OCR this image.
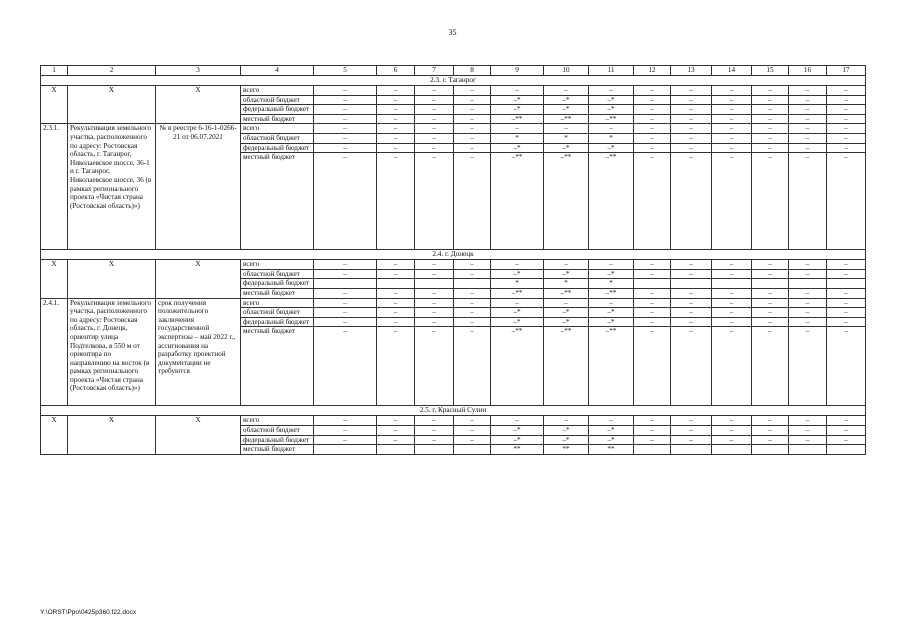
35
1	2	3	4	5	6	7	8	9	10	11	12	13	14	15	16	17
2.3. г. Таганрог																
X	X	X	всего	–	–	–	–	–	–	–	–	–	–	–	–	–
			областной бюджет	–	–	–	–	–*	–*	–*	–	–	–	–	–	–
			федеральный бюджет	–	–	–	–	–*	–*	–*	–	–	–	–	–	–
			местный бюджет	–	–	–	–	–**	–**	–**	–	–	–	–	–	–
2.3.1.	Рекультивация земельного участка, расположенного по адресу: Ростовская область, г. Таганрог, Николаевское шоссе, 36-1 и г. Таганрог, Николаевское шоссе, 36 (в рамках регионального проекта «Чистая страна (Ростовская область)»)	№ в реестре 6-16-1-0266-21 от 06.07.2021	всего	–	–	–	–	–	–	–	–	–	–	–	–	–
			областной бюджет	–	–	–	–	*	*	*	–	–	–	–	–	–
			федеральный бюджет	–	–	–	–	–*	–*	–*	–	–	–	–	–	–
			местный бюджет	–	–	–	–	–**	–**	–**	–	–	–	–	–	–
2.4. г. Донецк																
X	X	X	всего	–	–	–	–	–	–	–	–	–	–	–	–	–
			областной бюджет	–	–	–	–	–*	–*	–*	–	–	–	–	–	–
			федеральный бюджет					*	*	*						
			местный бюджет	–	–	–	–	–**	–**	–**	–	–	–	–	–	–
2.4.1.	Рекультивация земельного участка, расположенного по адресу: Ростовская область, г. Донецк, ориентир улица Подтелкова, в 550 м от ориентира по направлению на восток (в рамках регионального проекта «Чистая страна (Ростовская область)»)	срок получения положительного заключения государственной экспертизы – май 2022 г., ассигнования на разработку проектной документации не требуются	всего	–	–	–	–	–	–	–	–	–	–	–	–	–
			областной бюджет	–	–	–	–	–*	–*	–*	–	–	–	–	–	–
			федеральный бюджет	–	–	–	–	–*	–*	–*	–	–	–	–	–	–
			местный бюджет	–	–	–	–	–**	–**	–**	–	–	–	–	–	–
2.5. г. Красный Сулин																
X	X	X	всего	–	–	–	–	–	–	–	–	–	–	–	–	–
			областной бюджет	–	–	–	–	–*	–*	–*	–	–	–	–	–	–
			федеральный бюджет	–	–	–	–	–*	–*	–*	–	–	–	–	–	–
			местный бюджет					**	**	**						
Y:\ORST\Ppo\0425p360.f22.docx
